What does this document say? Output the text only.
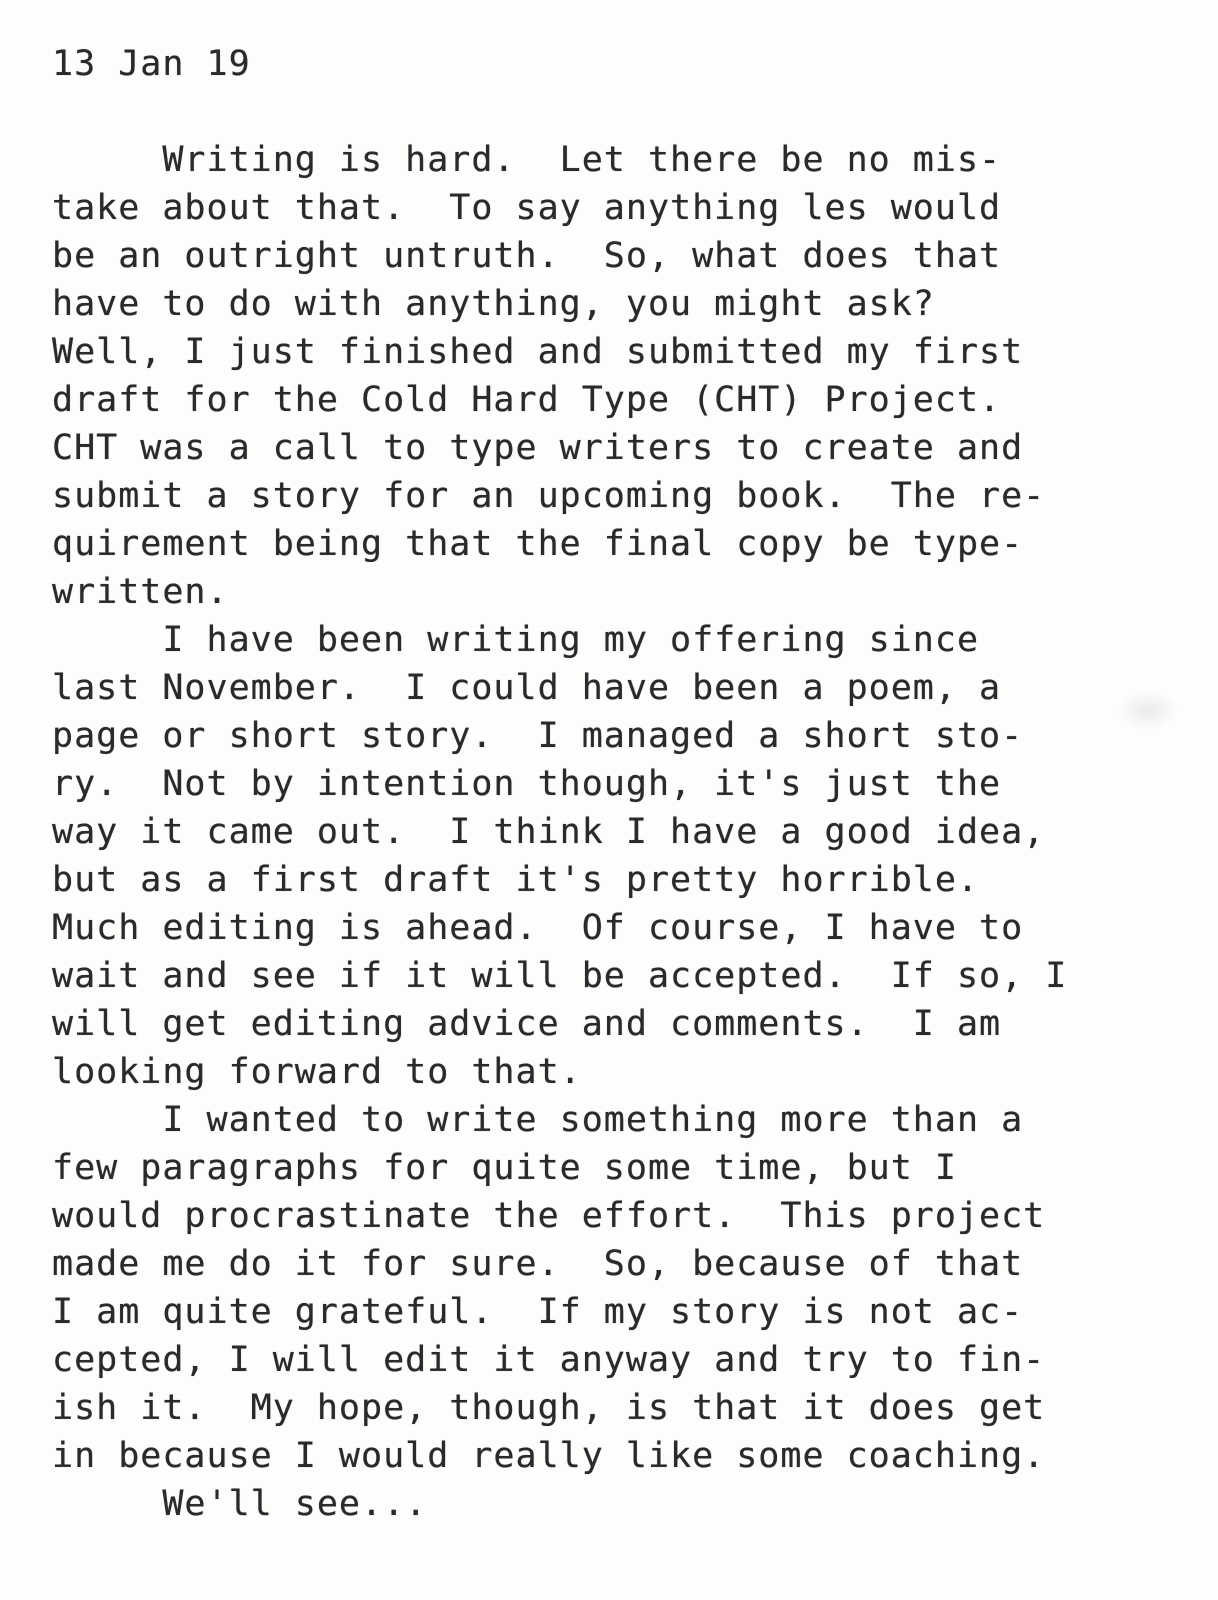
13 Jan 19
Writing is hard.  Let there be no mis-
take about that.  To say anything les would
be an outright untruth.  So, what does that
have to do with anything, you might ask?
Well, I just finished and submitted my first
draft for the Cold Hard Type (CHT) Project.
CHT was a call to type writers to create and
submit a story for an upcoming book.  The re-
quirement being that the final copy be type-
written.
I have been writing my offering since
last November.  I could have been a poem, a
page or short story.  I managed a short sto-
ry.  Not by intention though, it's just the
way it came out.  I think I have a good idea,
but as a first draft it's pretty horrible.
Much editing is ahead.  Of course, I have to
wait and see if it will be accepted.  If so, I
will get editing advice and comments.  I am
looking forward to that.
I wanted to write something more than a
few paragraphs for quite some time, but I
would procrastinate the effort.  This project
made me do it for sure.  So, because of that
I am quite grateful.  If my story is not ac-
cepted, I will edit it anyway and try to fin-
ish it.  My hope, though, is that it does get
in because I would really like some coaching.
We'll see...
